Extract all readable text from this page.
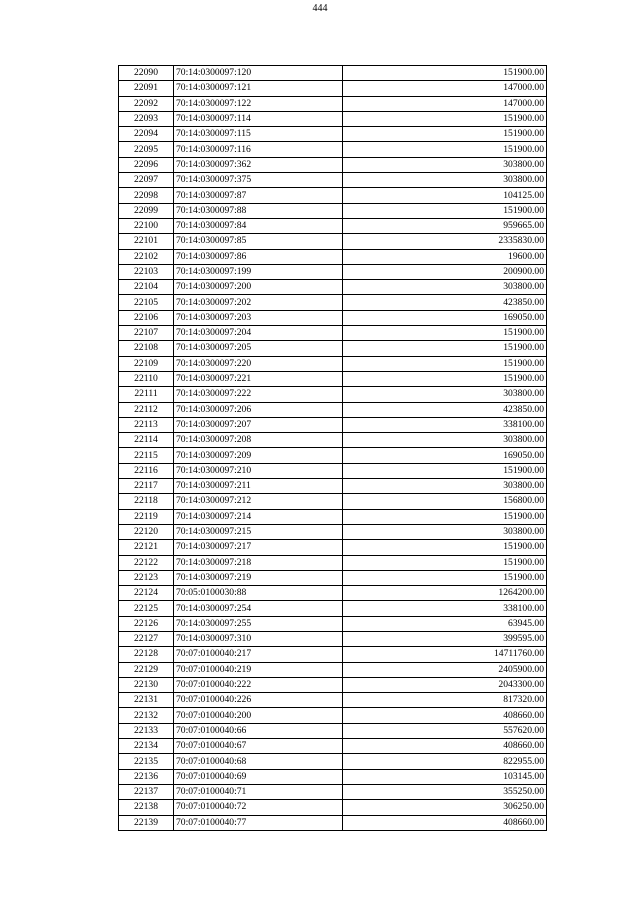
444
22090	70:14:0300097:120	151900.00
22091	70:14:0300097:121	147000.00
22092	70:14:0300097:122	147000.00
22093	70:14:0300097:114	151900.00
22094	70:14:0300097:115	151900.00
22095	70:14:0300097:116	151900.00
22096	70:14:0300097:362	303800.00
22097	70:14:0300097:375	303800.00
22098	70:14:0300097:87	104125.00
22099	70:14:0300097:88	151900.00
22100	70:14:0300097:84	959665.00
22101	70:14:0300097:85	2335830.00
22102	70:14:0300097:86	19600.00
22103	70:14:0300097:199	200900.00
22104	70:14:0300097:200	303800.00
22105	70:14:0300097:202	423850.00
22106	70:14:0300097:203	169050.00
22107	70:14:0300097:204	151900.00
22108	70:14:0300097:205	151900.00
22109	70:14:0300097:220	151900.00
22110	70:14:0300097:221	151900.00
22111	70:14:0300097:222	303800.00
22112	70:14:0300097:206	423850.00
22113	70:14:0300097:207	338100.00
22114	70:14:0300097:208	303800.00
22115	70:14:0300097:209	169050.00
22116	70:14:0300097:210	151900.00
22117	70:14:0300097:211	303800.00
22118	70:14:0300097:212	156800.00
22119	70:14:0300097:214	151900.00
22120	70:14:0300097:215	303800.00
22121	70:14:0300097:217	151900.00
22122	70:14:0300097:218	151900.00
22123	70:14:0300097:219	151900.00
22124	70:05:0100030:88	1264200.00
22125	70:14:0300097:254	338100.00
22126	70:14:0300097:255	63945.00
22127	70:14:0300097:310	399595.00
22128	70:07:0100040:217	14711760.00
22129	70:07:0100040:219	2405900.00
22130	70:07:0100040:222	2043300.00
22131	70:07:0100040:226	817320.00
22132	70:07:0100040:200	408660.00
22133	70:07:0100040:66	557620.00
22134	70:07:0100040:67	408660.00
22135	70:07:0100040:68	822955.00
22136	70:07:0100040:69	103145.00
22137	70:07:0100040:71	355250.00
22138	70:07:0100040:72	306250.00
22139	70:07:0100040:77	408660.00
